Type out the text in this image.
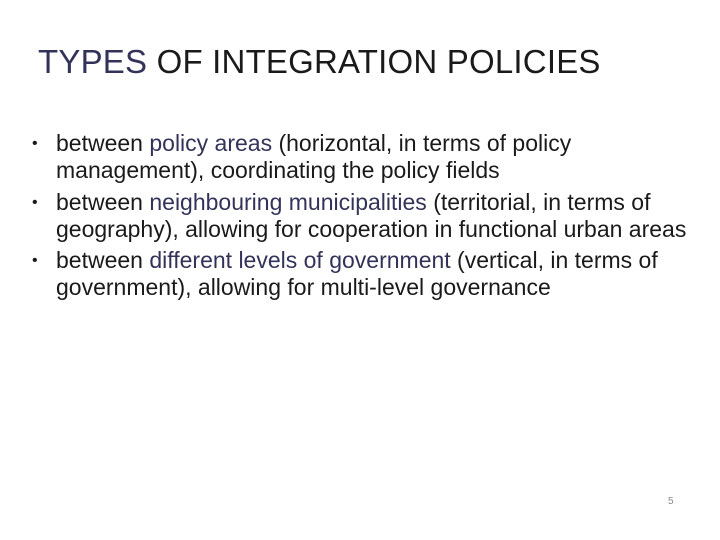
TYPES OF INTEGRATION POLICIES
• between policy areas (horizontal, in terms of policy management), coordinating the policy fields
• between neighbouring municipalities (territorial, in terms of geography), allowing for cooperation in functional urban areas
• between different levels of government (vertical, in terms of government), allowing for multi-level governance
5
